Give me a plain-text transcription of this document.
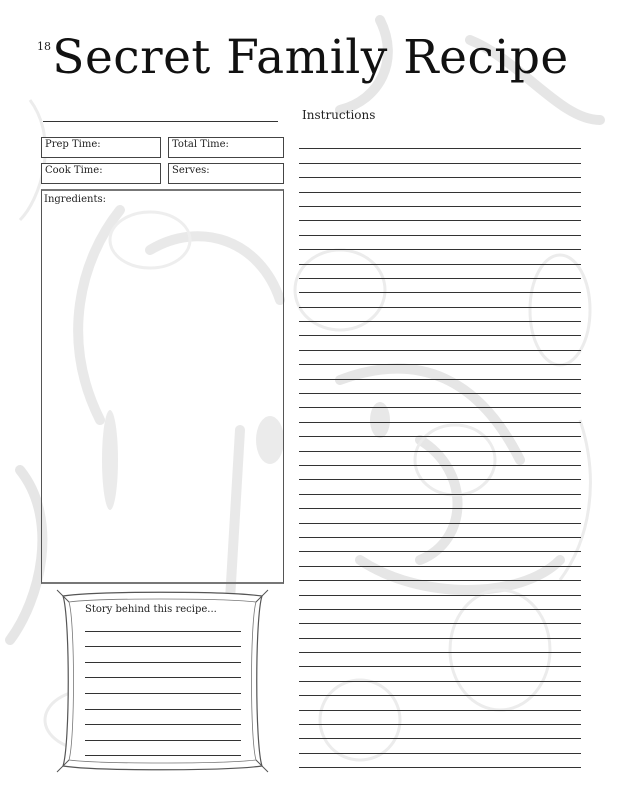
18 Secret Family Recipe
Instructions
Prep Time:	Total Time:
Cook Time:	Serves:
Ingredients:
Story behind this recipe...
